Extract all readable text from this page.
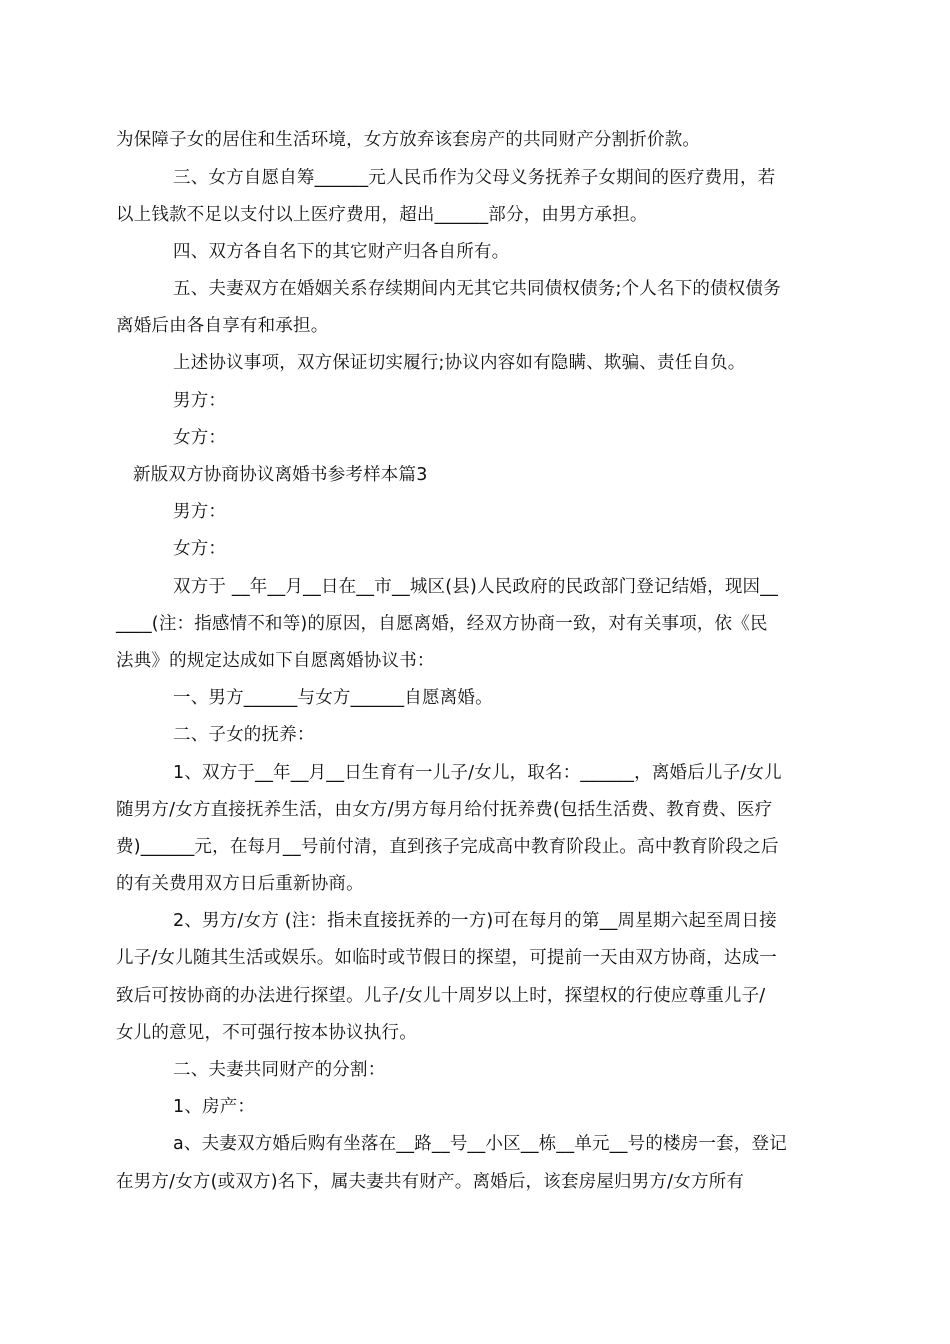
为保障子女的居住和生活环境，女方放弃该套房产的共同财产分割折价款。
三、女方自愿自筹______元人民币作为父母义务抚养子女期间的医疗费用，若
以上钱款不足以支付以上医疗费用，超出______部分，由男方承担。
四、双方各自名下的其它财产归各自所有。
五、夫妻双方在婚姻关系存续期间内无其它共同债权债务;个人名下的债权债务
离婚后由各自享有和承担。
上述协议事项，双方保证切实履行;协议内容如有隐瞒、欺骗、责任自负。
男方：
女方：
新版双方协商协议离婚书参考样本篇3
男方：
女方：
双方于 __年__月__日在__市__城区(县)人民政府的民政部门登记结婚，现因__
____(注：指感情不和等)的原因，自愿离婚，经双方协商一致，对有关事项，依《民
法典》的规定达成如下自愿离婚协议书：
一、男方______与女方______自愿离婚。
二、子女的抚养：
1、双方于__年__月__日生育有一儿子/女儿，取名：______，离婚后儿子/女儿
随男方/女方直接抚养生活，由女方/男方每月给付抚养费(包括生活费、教育费、医疗
费)______元，在每月__号前付清，直到孩子完成高中教育阶段止。高中教育阶段之后
的有关费用双方日后重新协商。
2、男方/女方 (注：指未直接抚养的一方)可在每月的第__周星期六起至周日接
儿子/女儿随其生活或娱乐。如临时或节假日的探望，可提前一天由双方协商，达成一
致后可按协商的办法进行探望。儿子/女儿十周岁以上时，探望权的行使应尊重儿子/
女儿的意见，不可强行按本协议执行。
二、夫妻共同财产的分割：
1、房产：
a、夫妻双方婚后购有坐落在__路__号__小区__栋__单元__号的楼房一套，登记
在男方/女方(或双方)名下，属夫妻共有财产。离婚后，该套房屋归男方/女方所有
